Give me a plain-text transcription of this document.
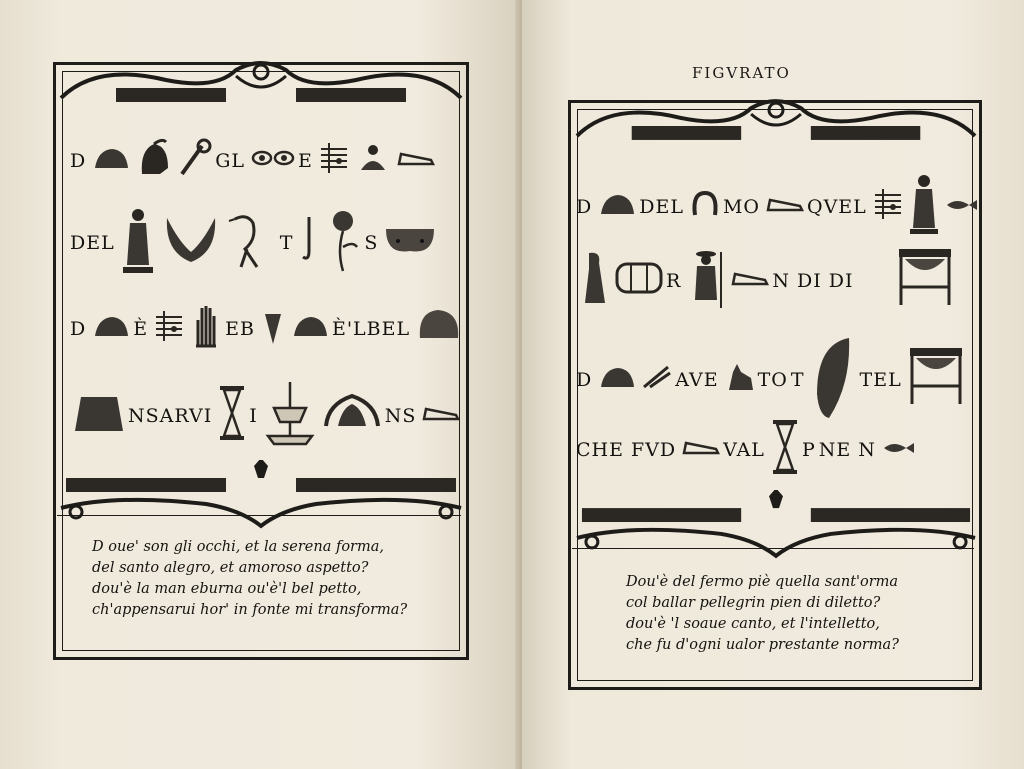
D	GL	E
DEL	T	S
D È	EB	È'LBEL
NSARVI I	NS
D oue' son gli occhi, et la serena forma,
del santo alegro, et amoroso aspetto?
dou'è la man eburna ou'è'l bel petto,
ch'appensarui hor' in fonte mi transforma?
FIGVRATO
D DEL MO QVEL
R	N DI DI
D	AVE TO T	TEL
CHE FVD VAL P NE N
Dou'è del fermo piè quella sant'orma
col ballar pellegrin pien di diletto?
dou'è 'l soaue canto, et l'intelletto,
che fu d'ogni ualor prestante norma?
